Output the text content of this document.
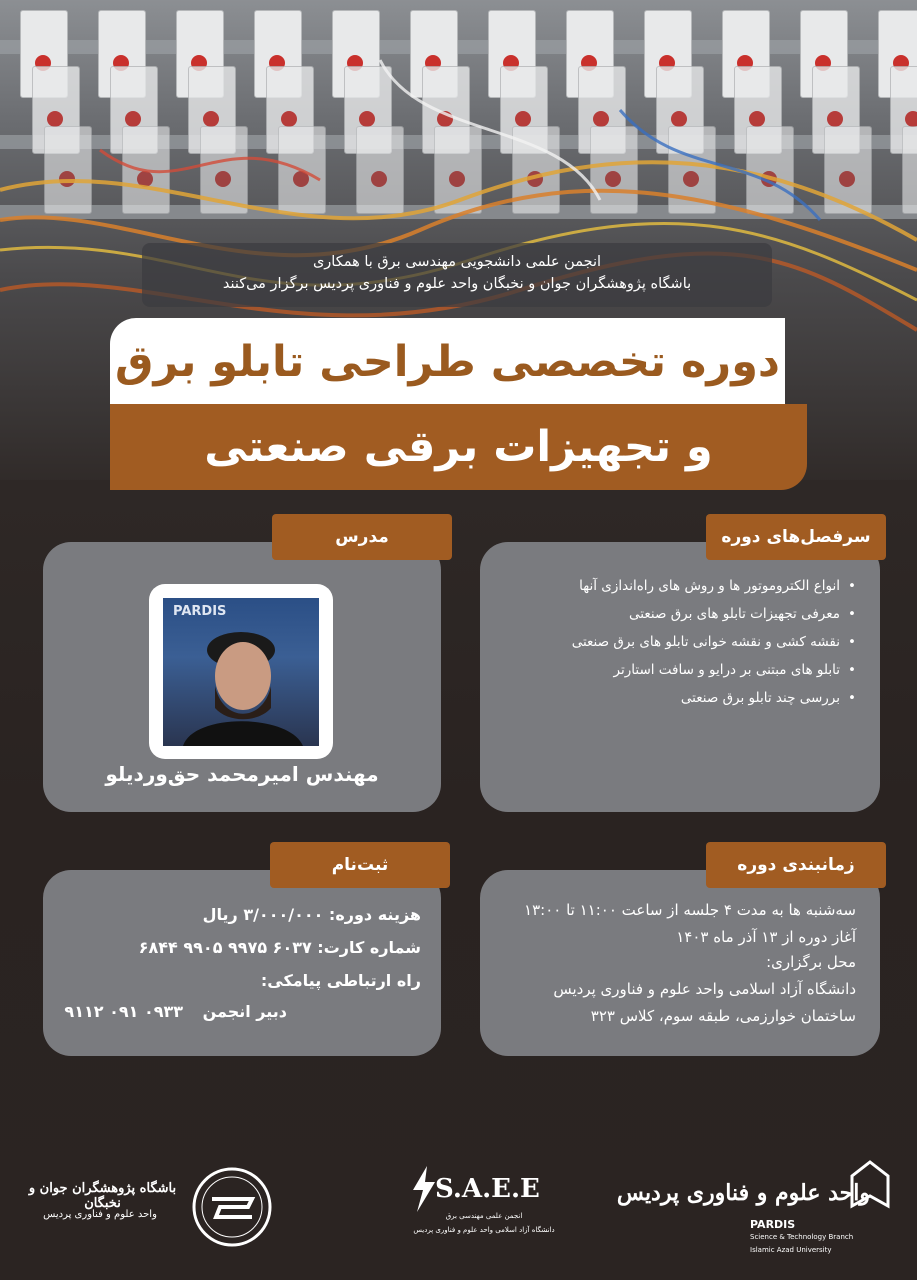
انجمن علمی دانشجویی مهندسی برق با همکاری
باشگاه پژوهشگران جوان و نخبگان واحد علوم و فناوری پردیس برگزار می‌کنند
دوره تخصصی طراحی تابلو برق
و تجهیزات برقی صنعتی
• انواع الکتروموتور ها و روش های راه‌اندازی آنها
• معرفی تجهیزات تابلو های برق صنعتی
• نقشه کشی و نقشه خوانی تابلو های برق صنعتی
• تابلو های مبتنی بر درایو و سافت استارتر
• بررسی چند تابلو برق صنعتی
سرفصل‌های دوره
مدرس
PARDIS
مهندس امیرمحمد حق‌وردیلو
سه‌شنبه ها به مدت ۴ جلسه از ساعت ۱۱:۰۰ تا ۱۳:۰۰
آغاز دوره از ۱۳ آذر ماه ۱۴۰۳
محل برگزاری:
دانشگاه آزاد اسلامی واحد علوم و فناوری پردیس
ساختمان خوارزمی، طبقه سوم، کلاس ۳۲۳
زمانبندی دوره
هزینه دوره: ۳/۰۰۰/۰۰۰ ریال
شماره کارت: ۶۰۳۷ ۹۹۷۵ ۹۹۰۵ ۶۸۴۴
راه ارتباطی پیامکی:
دبیر انجمن ۰۹۳۳ ۰۹۱ ۹۱۱۲
ثبت‌نام
واحد علوم و فناوری پردیس
PARDIS
Science & Technology Branch
Islamic Azad University
S.A.E.E
انجمن علمی مهندسی برق
دانشگاه آزاد اسلامی واحد علوم و فناوری پردیس
باشگاه پژوهشگران جوان و نخبگان
واحد علوم و فناوری پردیس
